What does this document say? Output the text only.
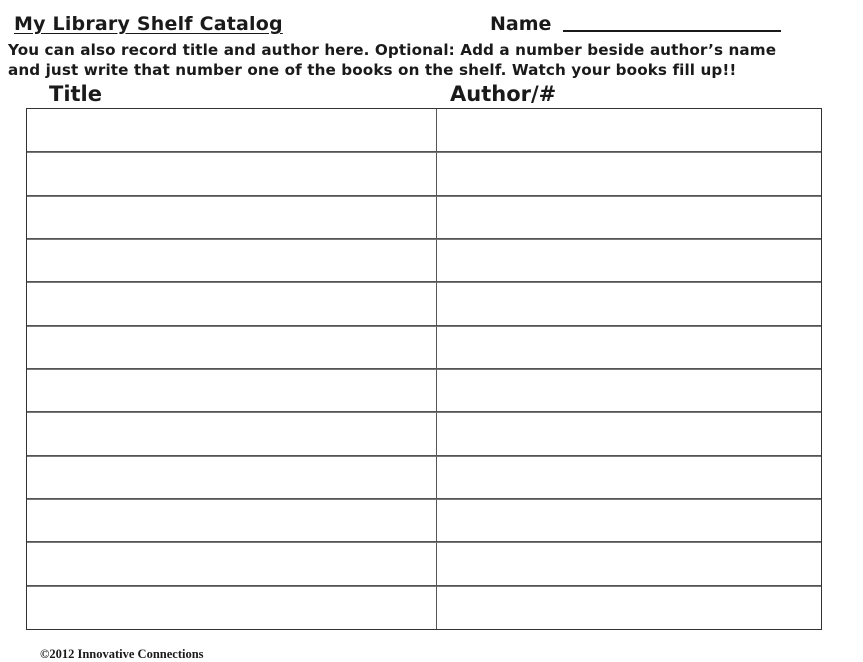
My Library Shelf Catalog	Name

You can also record title and author here. Optional: Add a number beside author’s name

and just write that number one of the books on the shelf. Watch your books fill up!!

Title	Author/#
©2012 Innovative Connections
